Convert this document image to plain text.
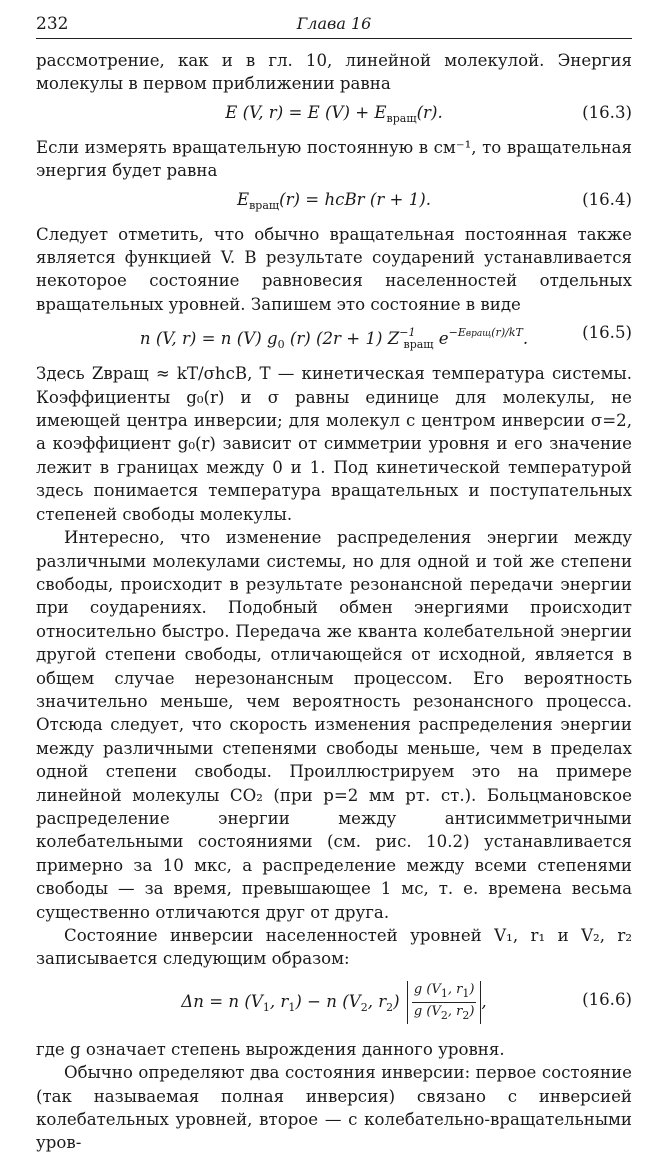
232	Глава 16

рассмотрение, как и в гл. 10, линейной молекулой. Энергия молекулы в первом приближении равна

E (V, r) = E $(V) + E_{вращ}(r)$.	(16.3)

Если измерять вращательную постоянную в см⁻¹, то вращательная энергия будет равна

$E_{вращ}(r)$ = hcBr (r + 1).	(16.4)

Следует отметить, что обычно вращательная постоянная также является функцией V. В результате соударений устанавливается некоторое состояние равновесия населенностей отдельных вращательных уровней. Запишем это состояние в виде

n (V, r) = n (V) $g_0$ (r) (2r + 1) $Z^{-1}_{вращ}$ $e^{-Eвращ(r)/kT}$.	(16.5)

Здесь Zвращ ≈ kT/σhcB, T — кинетическая температура системы. Коэффициенты g₀(r) и σ равны единице для молекулы, не имеющей центра инверсии; для молекул с центром инверсии σ=2, а коэффициент g₀(r) зависит от симметрии уровня и его значение лежит в границах между 0 и 1. Под кинетической температурой здесь понимается температура вращательных и поступательных степеней свободы молекулы.

Интересно, что изменение распределения энергии между различными молекулами системы, но для одной и той же степени свободы, происходит в результате резонансной передачи энергии при соударениях. Подобный обмен энергиями происходит относительно быстро. Передача же кванта колебательной энергии другой степени свободы, отличающейся от исходной, является в общем случае нерезонансным процессом. Его вероятность значительно меньше, чем вероятность резонансного процесса. Отсюда следует, что скорость изменения распределения энергии между различными степенями свободы меньше, чем в пределах одной степени свободы. Проиллюстрируем это на примере линейной молекулы CO₂ (при p=2 мм рт. ст.). Больцмановское распределение энергии между антисимметричными колебательными состояниями (см. рис. 10.2) устанавливается примерно за 10 мкс, а распределение между всеми степенями свободы — за время, превышающее 1 мс, т. е. времена весьма существенно отличаются друг от друга.

Состояние инверсии населенностей уровней V₁, r₁ и V₂, r₂ записывается следующим образом:

Δn = n ($V_1$, $r_1) - n$ ($V_2$, $r_2) \frac{g (V_1, r_1)}{g (V_2, r_2)}$ ,	(16.6)

где g означает степень вырождения данного уровня.

Обычно определяют два состояния инверсии: первое состояние (так называемая полная инверсия) связано с инверсией колебательных уровней, второе — с колебательно-вращательными уров-
